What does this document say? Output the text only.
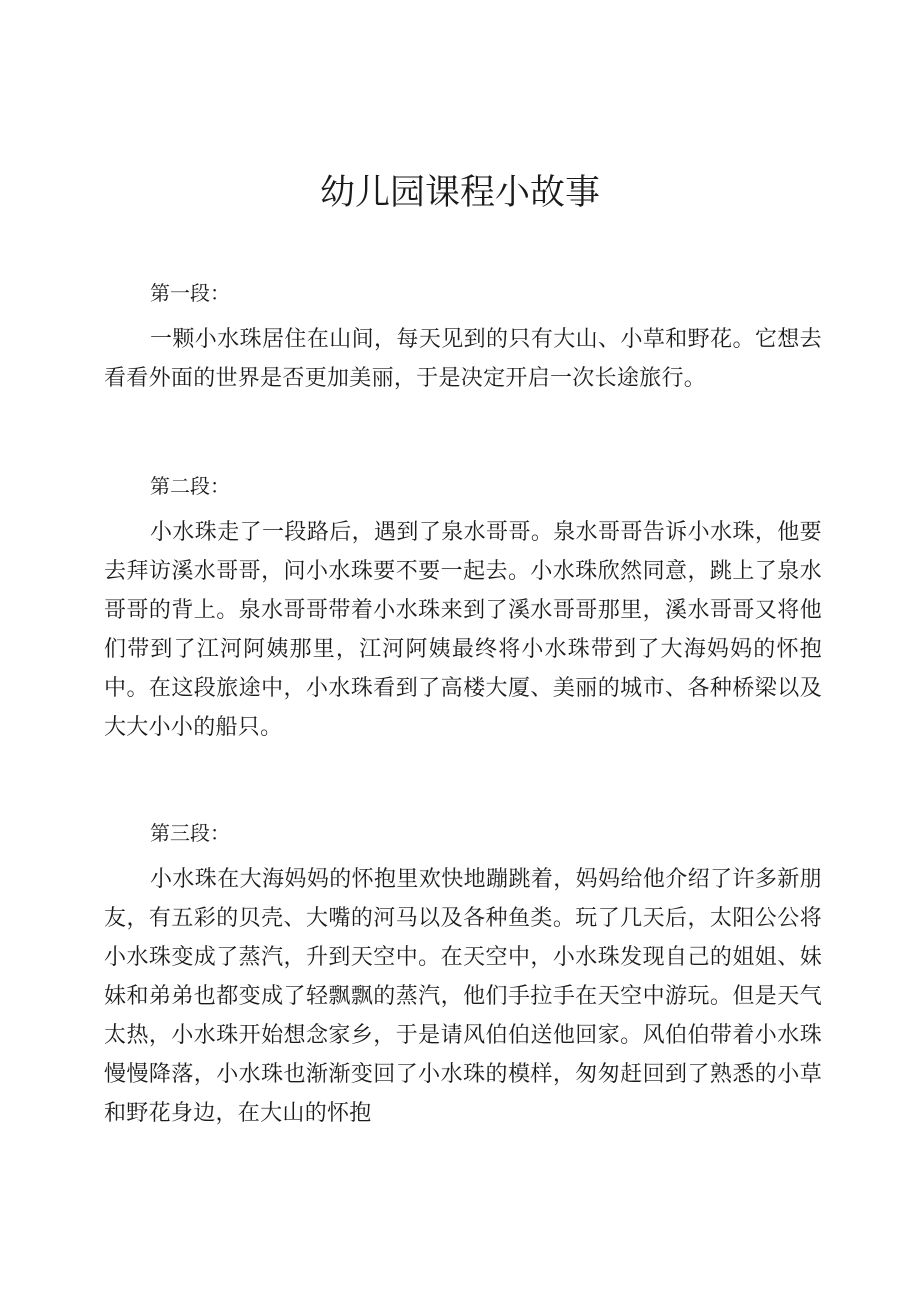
幼儿园课程小故事

第一段：

一颗小水珠居住在山间，每天见到的只有大山、小草和野花。它想去看看外面的世界是否更加美丽，于是决定开启一次长途旅行。

第二段：

小水珠走了一段路后，遇到了泉水哥哥。泉水哥哥告诉小水珠，他要去拜访溪水哥哥，问小水珠要不要一起去。小水珠欣然同意，跳上了泉水哥哥的背上。泉水哥哥带着小水珠来到了溪水哥哥那里，溪水哥哥又将他们带到了江河阿姨那里，江河阿姨最终将小水珠带到了大海妈妈的怀抱中。在这段旅途中，小水珠看到了高楼大厦、美丽的城市、各种桥梁以及大大小小的船只。

第三段：

小水珠在大海妈妈的怀抱里欢快地蹦跳着，妈妈给他介绍了许多新朋友，有五彩的贝壳、大嘴的河马以及各种鱼类。玩了几天后，太阳公公将小水珠变成了蒸汽，升到天空中。在天空中，小水珠发现自己的姐姐、妹妹和弟弟也都变成了轻飘飘的蒸汽，他们手拉手在天空中游玩。但是天气太热，小水珠开始想念家乡，于是请风伯伯送他回家。风伯伯带着小水珠慢慢降落，小水珠也渐渐变回了小水珠的模样，匆匆赶回到了熟悉的小草和野花身边，在大山的怀抱
